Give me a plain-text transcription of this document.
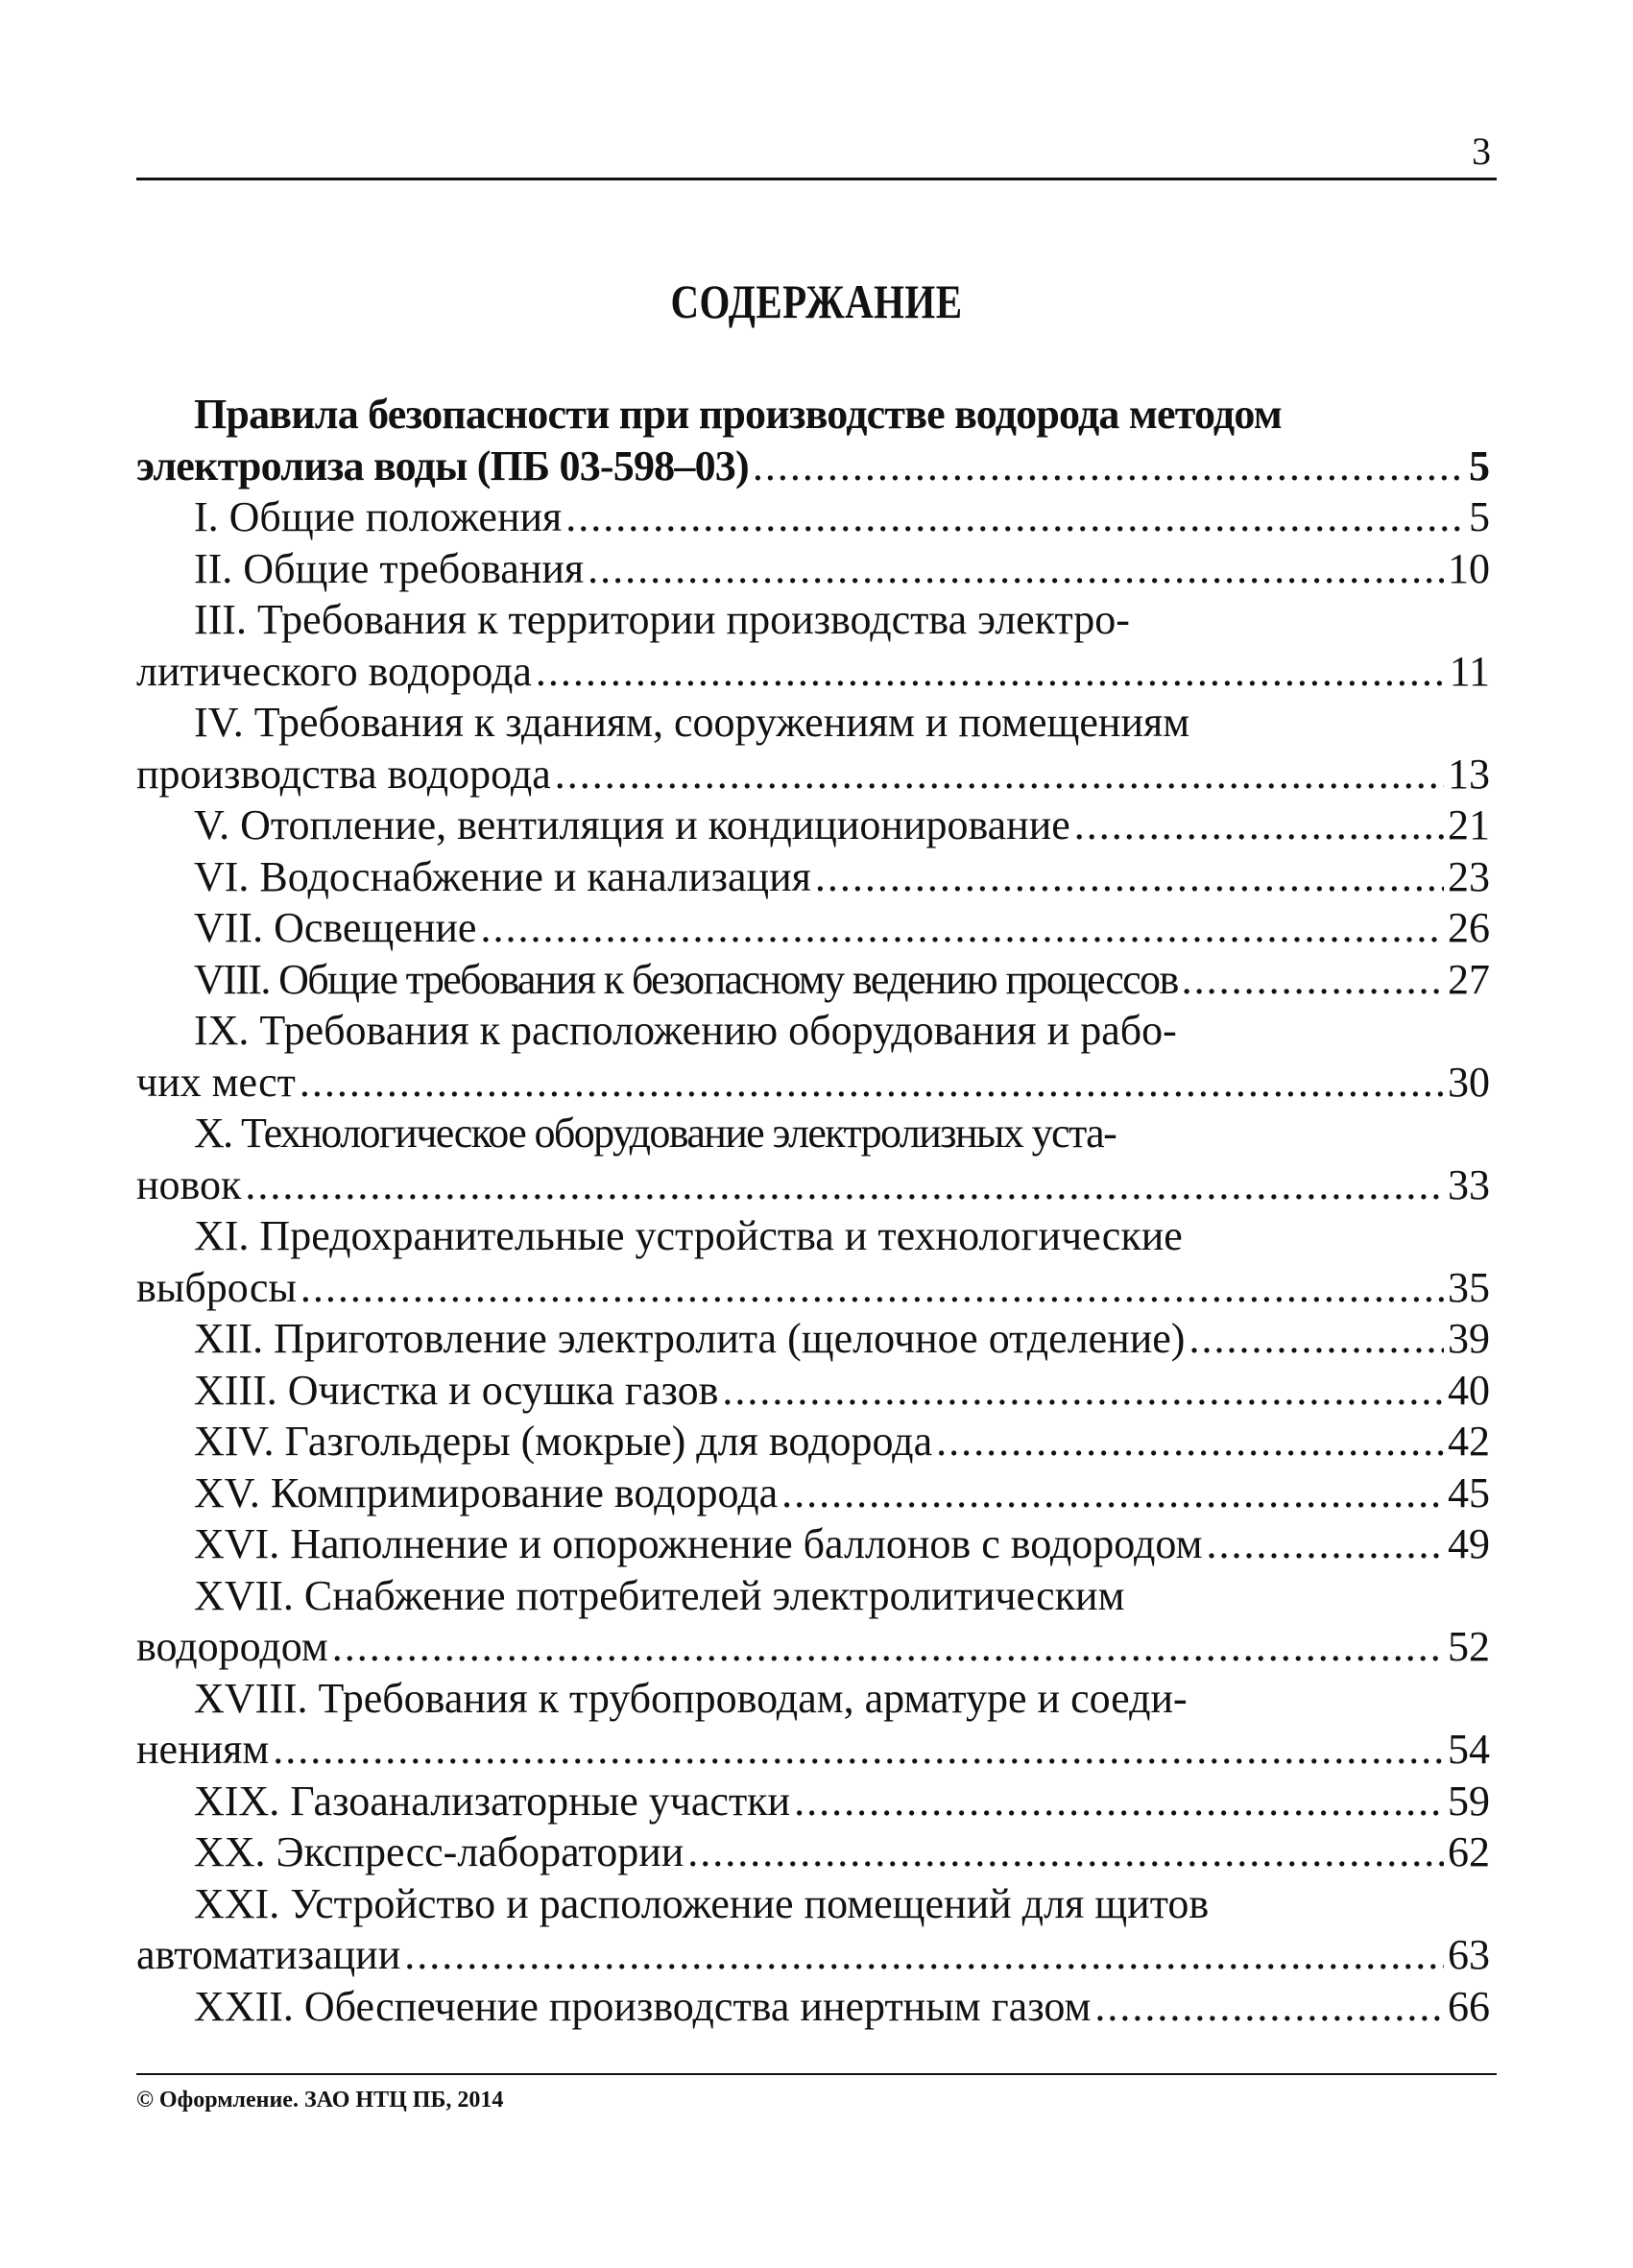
3
СОДЕРЖАНИЕ
Правила безопасности при производстве водорода методом
электролиза воды (ПБ 03-598–03) .....	5
I. Общие положения .....	5
II. Общие требования .....	10
III. Требования к территории производства электро-
литического водорода .....	11
IV. Требования к зданиям, сооружениям и помещениям
производства водорода .....	13
V. Отопление, вентиляция и кондиционирование .....	21
VI. Водоснабжение и канализация .....	23
VII. Освещение .....	26
VIII. Общие требования к безопасному ведению процессов .....	27
IX. Требования к расположению оборудования и рабо-
чих мест .....	30
X. Технологическое оборудование электролизных уста-
новок .....	33
XI. Предохранительные устройства и технологические
выбросы .....	35
XII. Приготовление электролита (щелочное отделение) .....	39
XIII. Очистка и осушка газов .....	40
XIV. Газгольдеры (мокрые) для водорода .....	42
XV. Компримирование водорода .....	45
XVI. Наполнение и опорожнение баллонов с водородом .....	49
XVII. Снабжение потребителей электролитическим
водородом .....	52
XVIII. Требования к трубопроводам, арматуре и соеди-
нениям .....	54
XIX. Газоанализаторные участки .....	59
XX. Экспресс-лаборатории .....	62
XXI. Устройство и расположение помещений для щитов
автоматизации .....	63
XXII. Обеспечение производства инертным газом .....	66
© Оформление. ЗАО НТЦ ПБ, 2014
